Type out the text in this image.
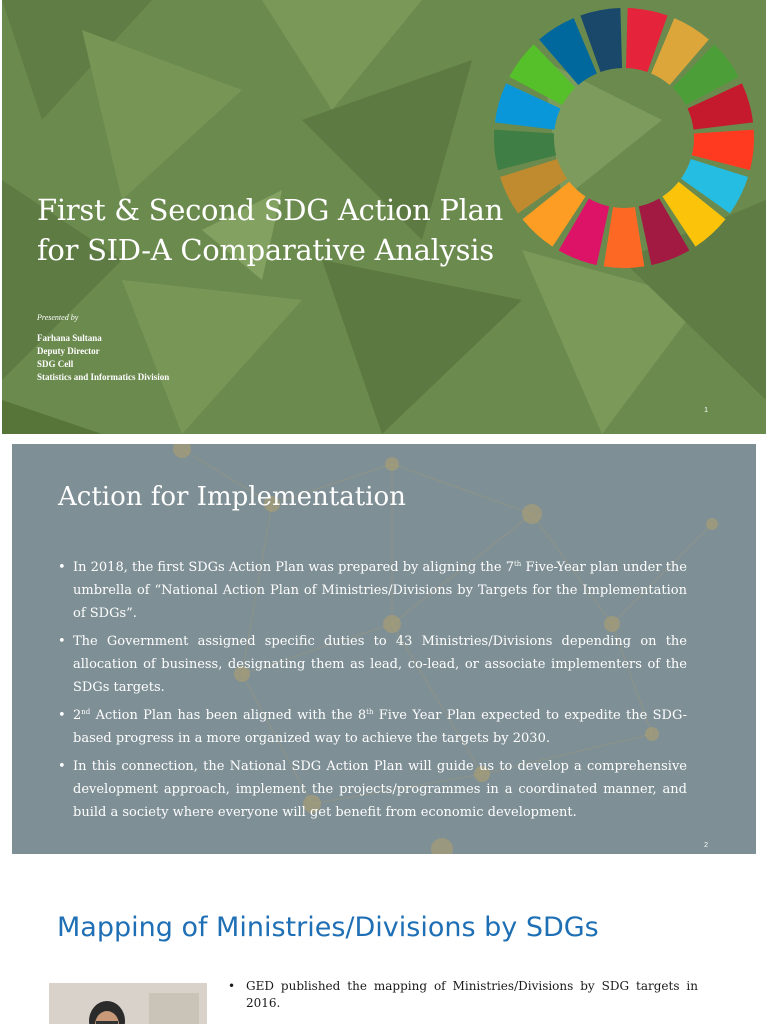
First & Second SDG Action Plan
for SID-A Comparative Analysis
Presented by
Farhana Sultana
Deputy Director
SDG Cell
Statistics and Informatics Division
1
Action for Implementation
• In 2018, the first SDGs Action Plan was prepared by aligning the 7th Five-Year plan under the umbrella of “National Action Plan of Ministries/Divisions by Targets for the Implementation of SDGs”.
• The Government assigned specific duties to 43 Ministries/Divisions depending on the allocation of business, designating them as lead, co-lead, or associate implementers of the SDGs targets.
• 2nd Action Plan has been aligned with the 8th Five Year Plan expected to expedite the SDG-based progress in a more organized way to achieve the targets by 2030.
• In this connection, the National SDG Action Plan will guide us to develop a comprehensive development approach, implement the projects/programmes in a coordinated manner, and build a society where everyone will get benefit from economic development.
2
Mapping of Ministries/Divisions by SDGs
• GED published the mapping of Ministries/Divisions by SDG targets in 2016.
